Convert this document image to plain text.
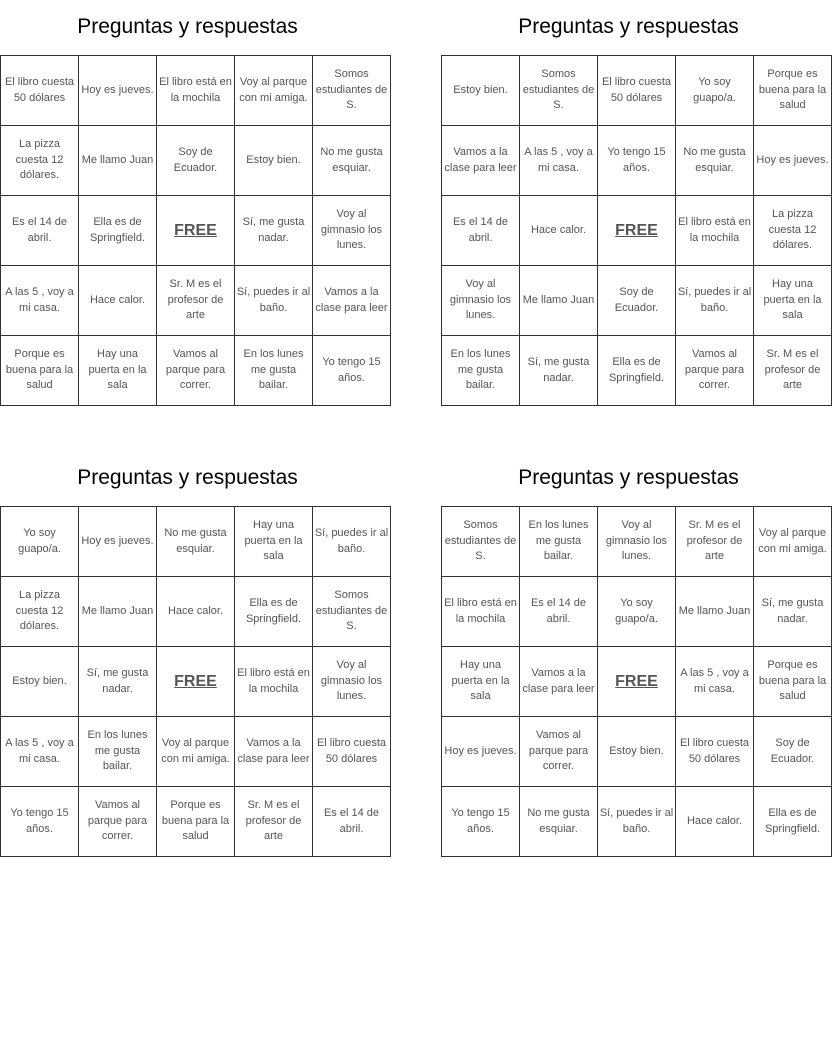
Preguntas y respuestas
El libro cuesta 50 dólares	Hoy es jueves.	El libro está en la mochila	Voy al parque con mi amiga.	Somos estudiantes de S.
La pizza cuesta 12 dólares.	Me llamo Juan	Soy de Ecuador.	Estoy bien.	No me gusta esquiar.
Es el 14 de abril.	Ella es de Springfield.	FREE	Sí, me gusta nadar.	Voy al gimnasio los lunes.
A las 5 , voy a mi casa.	Hace calor.	Sr. M es el profesor de arte	Sí, puedes ir al baño.	Vamos a la clase para leer
Porque es buena para la salud	Hay una puerta en la sala	Vamos al parque para correr.	En los lunes me gusta bailar.	Yo tengo 15 años.
Preguntas y respuestas
Estoy bien.	Somos estudiantes de S.	El libro cuesta 50 dólares	Yo soy guapo/a.	Porque es buena para la salud
Vamos a la clase para leer	A las 5 , voy a mi casa.	Yo tengo 15 años.	No me gusta esquiar.	Hoy es jueves.
Es el 14 de abril.	Hace calor.	FREE	El libro está en la mochila	La pizza cuesta 12 dólares.
Voy al gimnasio los lunes.	Me llamo Juan	Soy de Ecuador.	Sí, puedes ir al baño.	Hay una puerta en la sala
En los lunes me gusta bailar.	Sí, me gusta nadar.	Ella es de Springfield.	Vamos al parque para correr.	Sr. M es el profesor de arte
Preguntas y respuestas
Yo soy guapo/a.	Hoy es jueves.	No me gusta esquiar.	Hay una puerta en la sala	Sí, puedes ir al baño.
La pizza cuesta 12 dólares.	Me llamo Juan	Hace calor.	Ella es de Springfield.	Somos estudiantes de S.
Estoy bien.	Sí, me gusta nadar.	FREE	El libro está en la mochila	Voy al gimnasio los lunes.
A las 5 , voy a mi casa.	En los lunes me gusta bailar.	Voy al parque con mi amiga.	Vamos a la clase para leer	El libro cuesta 50 dólares
Yo tengo 15 años.	Vamos al parque para correr.	Porque es buena para la salud	Sr. M es el profesor de arte	Es el 14 de abril.
Preguntas y respuestas
Somos estudiantes de S.	En los lunes me gusta bailar.	Voy al gimnasio los lunes.	Sr. M es el profesor de arte	Voy al parque con mi amiga.
El libro está en la mochila	Es el 14 de abril.	Yo soy guapo/a.	Me llamo Juan	Sí, me gusta nadar.
Hay una puerta en la sala	Vamos a la clase para leer	FREE	A las 5 , voy a mi casa.	Porque es buena para la salud
Hoy es jueves.	Vamos al parque para correr.	Estoy bien.	El libro cuesta 50 dólares	Soy de Ecuador.
Yo tengo 15 años.	No me gusta esquiar.	Sí, puedes ir al baño.	Hace calor.	Ella es de Springfield.
